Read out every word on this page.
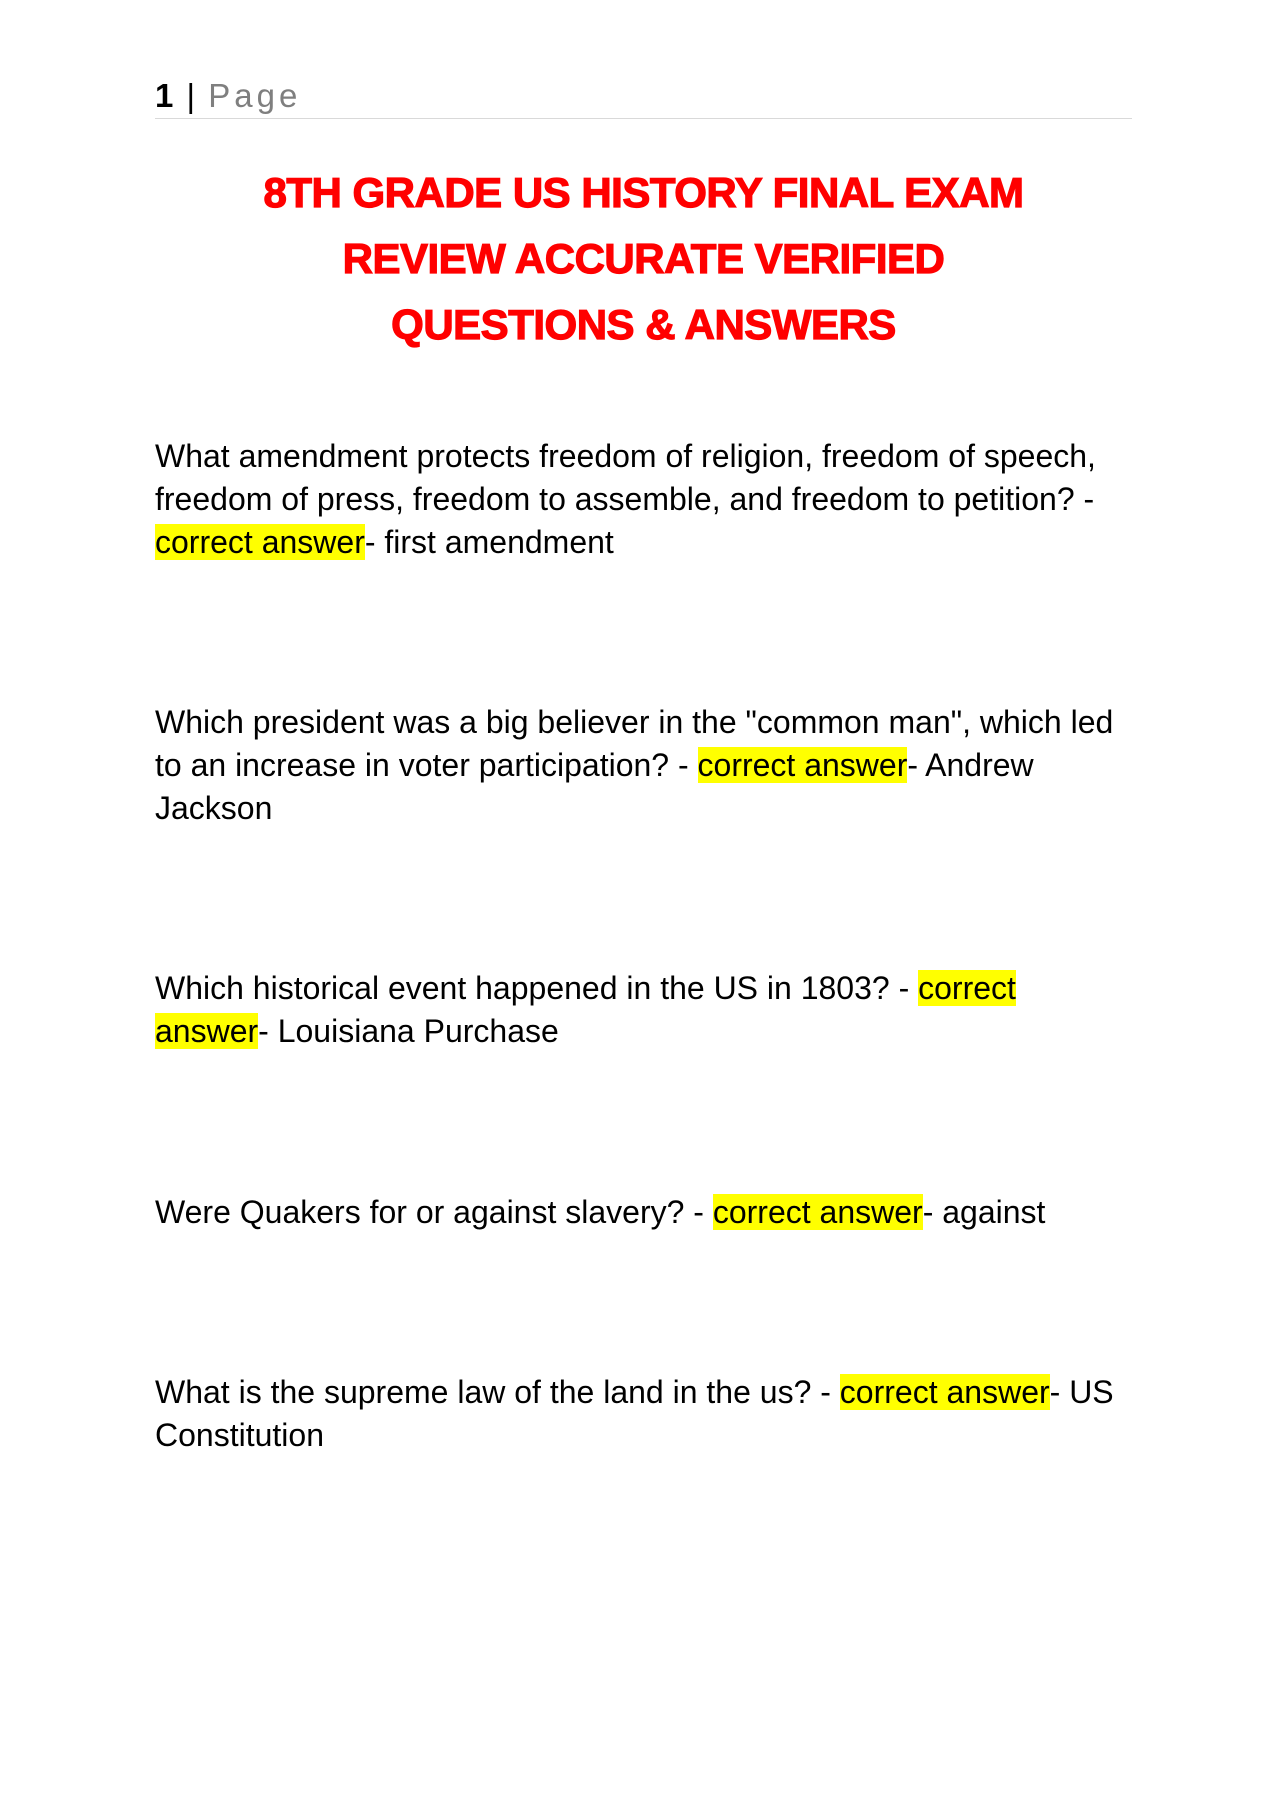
1 | Page
8TH GRADE US HISTORY FINAL EXAM
REVIEW ACCURATE VERIFIED
QUESTIONS & ANSWERS

What amendment protects freedom of religion, freedom of speech, freedom of press, freedom to assemble, and freedom to petition? - correct answer- first amendment

Which president was a big believer in the "common man", which led to an increase in voter participation? - correct answer- Andrew Jackson

Which historical event happened in the US in 1803? - correct answer- Louisiana Purchase

Were Quakers for or against slavery? - correct answer- against

What is the supreme law of the land in the us? - correct answer- US Constitution
